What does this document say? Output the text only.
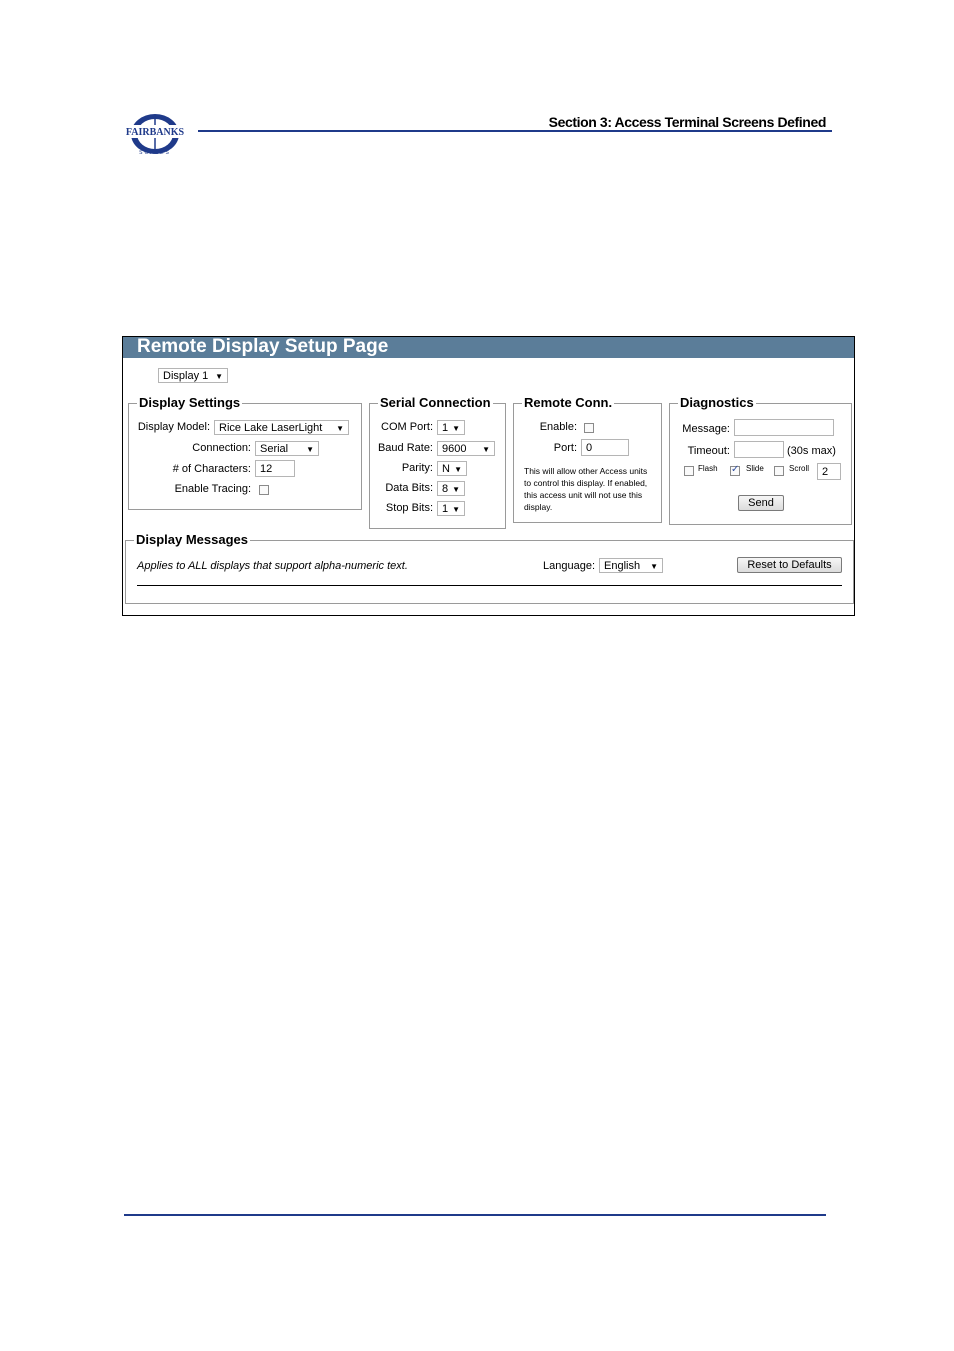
FAIRBANKS
SCALES
Section 3: Access Terminal Screens Defined
Remote Display Setup Page
Display 1 ▼
Display Settings
Display Model: Rice Lake LaserLight ▼
Connection: Serial ▼
# of Characters: 12
Enable Tracing:
Serial Connection
COM Port: 1 ▼
Baud Rate: 9600 ▼
Parity: N ▼
Data Bits: 8 ▼
Stop Bits: 1 ▼
Remote Conn.
Enable:
Port: 0
This will allow other Access units to control this display. If enabled, this access unit will not use this display.
Diagnostics
Message:
Timeout:	(30s max)
Flash
✓	Slide	Scroll	2
Send
Display Messages
Applies to ALL displays that support alpha-numeric text.	Language: English ▼	Reset to Defaults
